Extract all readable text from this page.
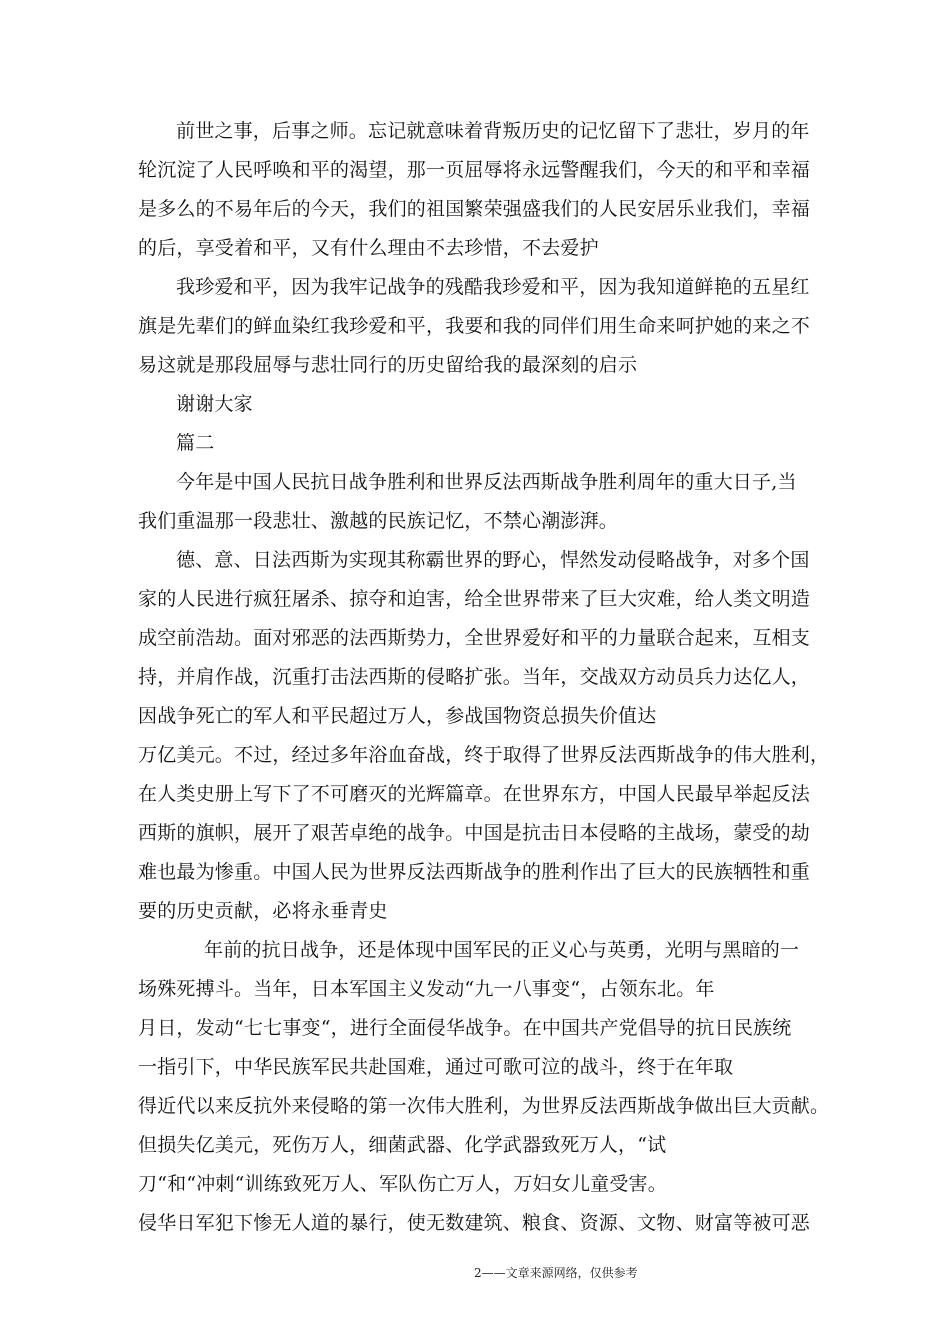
前世之事，后事之师。忘记就意味着背叛历史的记忆留下了悲壮，岁月的年
轮沉淀了人民呼唤和平的渴望，那一页屈辱将永远警醒我们，今天的和平和幸福
是多么的不易年后的今天，我们的祖国繁荣强盛我们的人民安居乐业我们，幸福
的后，享受着和平，又有什么理由不去珍惜，不去爱护
我珍爱和平，因为我牢记战争的残酷我珍爱和平，因为我知道鲜艳的五星红
旗是先辈们的鲜血染红我珍爱和平，我要和我的同伴们用生命来呵护她的来之不
易这就是那段屈辱与悲壮同行的历史留给我的最深刻的启示
谢谢大家
篇二
今年是中国人民抗日战争胜利和世界反法西斯战争胜利周年的重大日子,当
我们重温那一段悲壮、激越的民族记忆，不禁心潮澎湃。
德、意、日法西斯为实现其称霸世界的野心，悍然发动侵略战争，对多个国
家的人民进行疯狂屠杀、掠夺和迫害，给全世界带来了巨大灾难，给人类文明造
成空前浩劫。面对邪恶的法西斯势力，全世界爱好和平的力量联合起来，互相支
持，并肩作战，沉重打击法西斯的侵略扩张。当年，交战双方动员兵力达亿人，
因战争死亡的军人和平民超过万人，参战国物资总损失价值达
万亿美元。不过，经过多年浴血奋战，终于取得了世界反法西斯战争的伟大胜利，
在人类史册上写下了不可磨灭的光辉篇章。在世界东方，中国人民最早举起反法
西斯的旗帜，展开了艰苦卓绝的战争。中国是抗击日本侵略的主战场，蒙受的劫
难也最为惨重。中国人民为世界反法西斯战争的胜利作出了巨大的民族牺牲和重
要的历史贡献，必将永垂青史
年前的抗日战争，还是体现中国军民的正义心与英勇，光明与黑暗的一
场殊死搏斗。当年，日本军国主义发动“九一八事变“，占领东北。年
月日，发动“七七事变“，进行全面侵华战争。在中国共产党倡导的抗日民族统
一指引下，中华民族军民共赴国难，通过可歌可泣的战斗，终于在年取
得近代以来反抗外来侵略的第一次伟大胜利，为世界反法西斯战争做出巨大贡献。
但损失亿美元，死伤万人，细菌武器、化学武器致死万人，“试
刀“和“冲刺“训练致死万人、军队伤亡万人，万妇女儿童受害。
侵华日军犯下惨无人道的暴行，使无数建筑、粮食、资源、文物、财富等被可恶
2——文章来源网络，仅供参考
